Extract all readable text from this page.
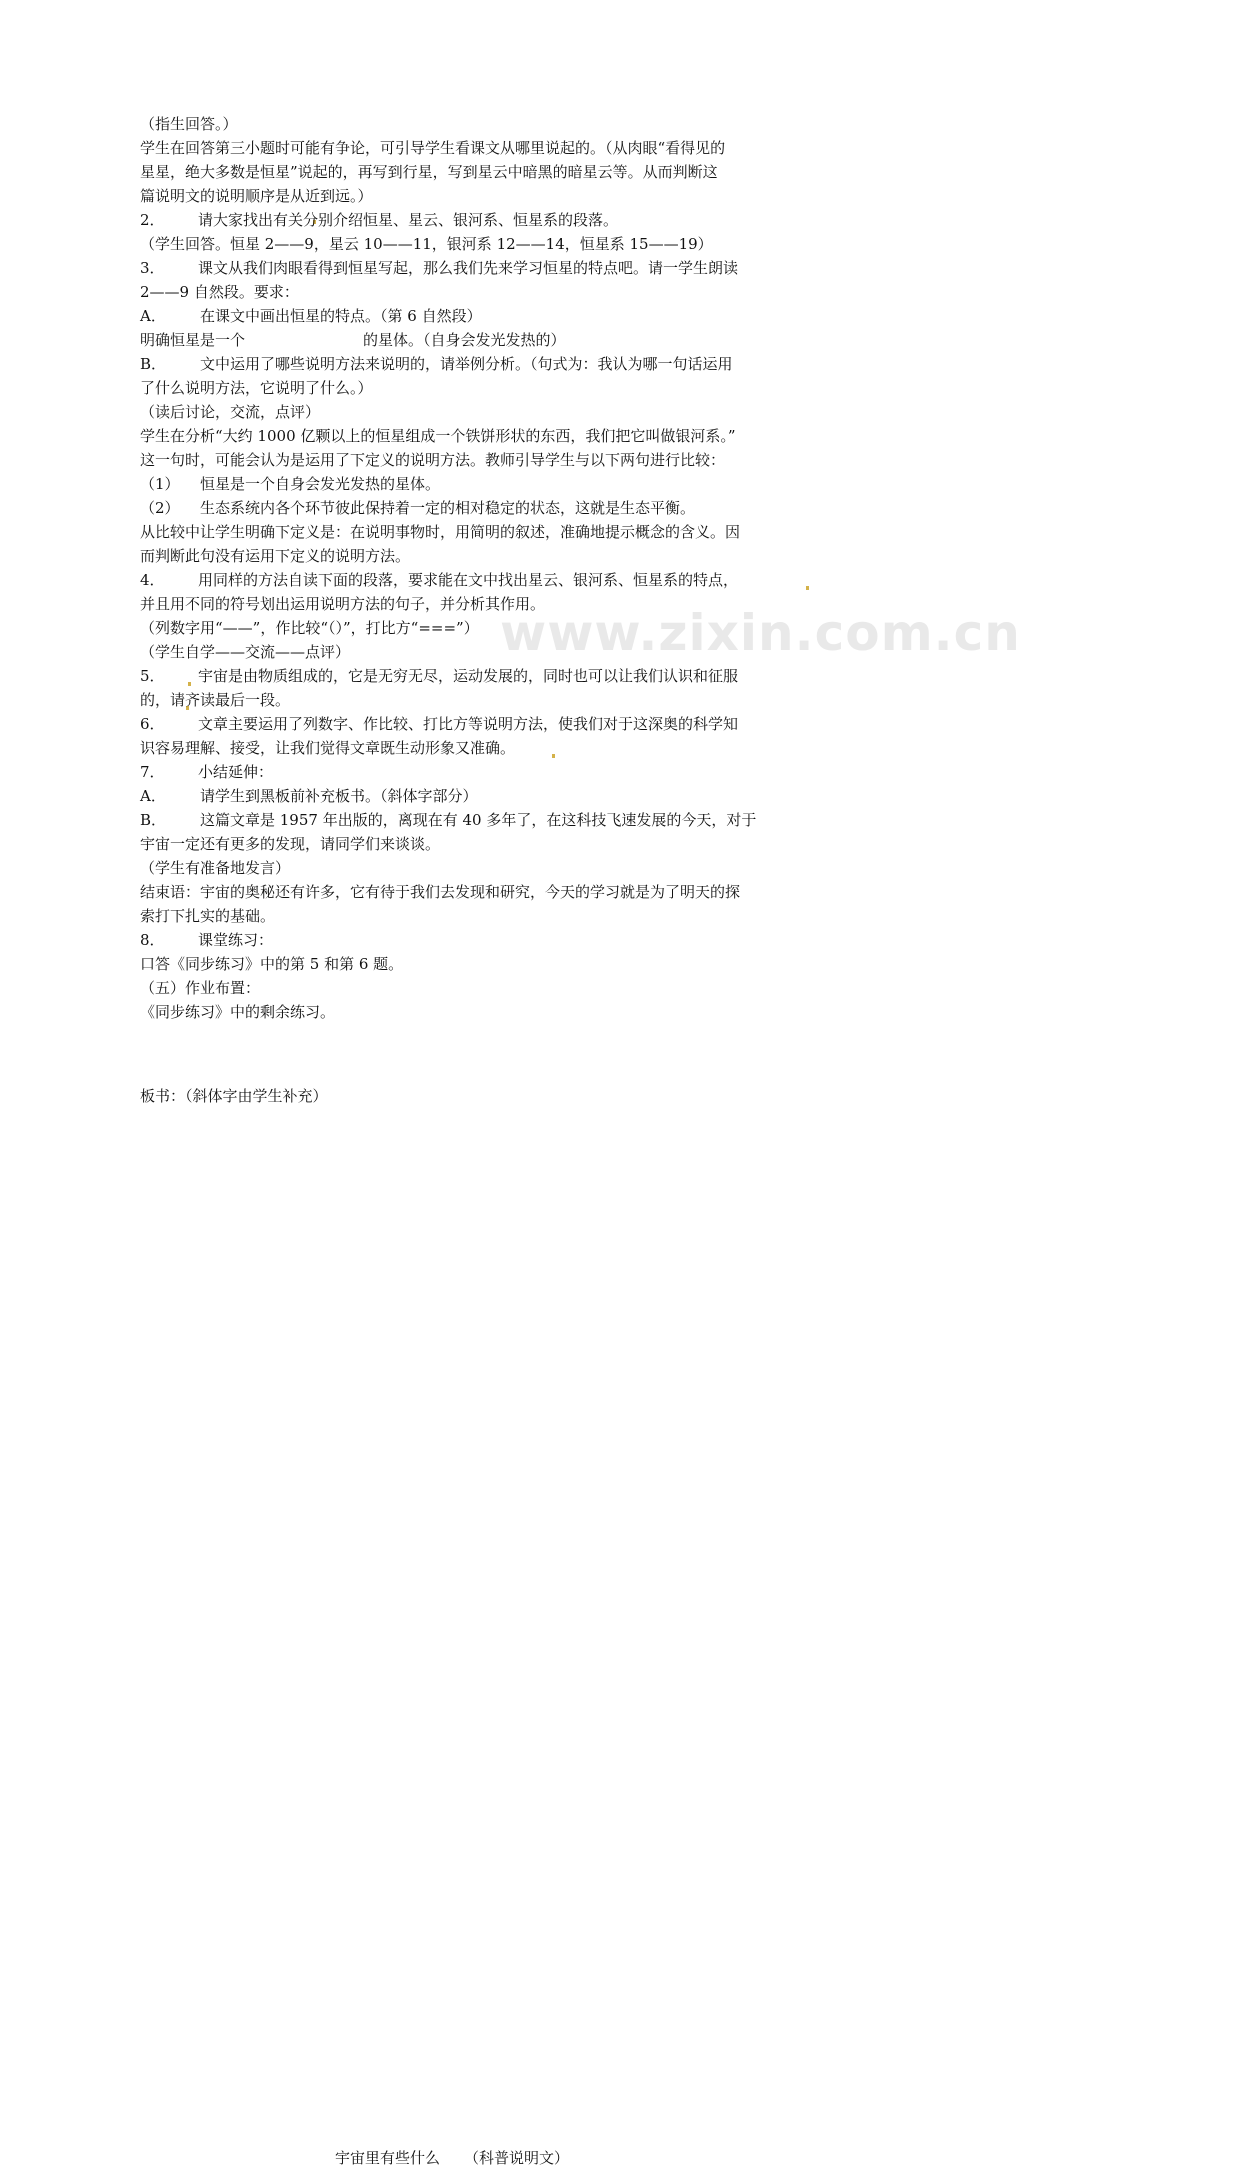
www.zixin.com.cn
（指生回答。）
学生在回答第三小题时可能有争论，可引导学生看课文从哪里说起的。（从肉眼“看得见的
星星，绝大多数是恒星”说起的，再写到行星，写到星云中暗黑的暗星云等。从而判断这
篇说明文的说明顺序是从近到远。）
2． 请大家找出有关分别介绍恒星、星云、银河系、恒星系的段落。
（学生回答。恒星 2——9，星云 10——11，银河系 12——14，恒星系 15——19）
3． 课文从我们肉眼看得到恒星写起，那么我们先来学习恒星的特点吧。请一学生朗读
2——9 自然段。要求：
A． 在课文中画出恒星的特点。（第 6 自然段）
明确恒星是一个	的星体。（自身会发光发热的）
B． 文中运用了哪些说明方法来说明的，请举例分析。（句式为：我认为哪一句话运用
了什么说明方法，它说明了什么。）
（读后讨论，交流，点评）
学生在分析“大约 1000 亿颗以上的恒星组成一个铁饼形状的东西，我们把它叫做银河系。”
这一句时，可能会认为是运用了下定义的说明方法。教师引导学生与以下两句进行比较：
（1） 恒星是一个自身会发光发热的星体。
（2） 生态系统内各个环节彼此保持着一定的相对稳定的状态，这就是生态平衡。
从比较中让学生明确下定义是：在说明事物时，用简明的叙述，准确地提示概念的含义。因
而判断此句没有运用下定义的说明方法。
4． 用同样的方法自读下面的段落，要求能在文中找出星云、银河系、恒星系的特点，
并且用不同的符号划出运用说明方法的句子，并分析其作用。
（列数字用“——”，作比较“（）”，打比方“===”）
（学生自学——交流——点评）
5． 宇宙是由物质组成的，它是无穷无尽，运动发展的，同时也可以让我们认识和征服
的，请齐读最后一段。
6． 文章主要运用了列数字、作比较、打比方等说明方法，使我们对于这深奥的科学知
识容易理解、接受，让我们觉得文章既生动形象又准确。
7． 小结延伸：
A． 请学生到黑板前补充板书。（斜体字部分）
B． 这篇文章是 1957 年出版的，离现在有 40 多年了，在这科技飞速发展的今天，对于
宇宙一定还有更多的发现，请同学们来谈谈。
（学生有准备地发言）
结束语：宇宙的奥秘还有许多，它有待于我们去发现和研究，今天的学习就是为了明天的探
索打下扎实的基础。
8． 课堂练习：
口答《同步练习》中的第 5 和第 6 题。
（五）作业布置：
《同步练习》中的剩余练习。
板书：（斜体字由学生补充）
宇宙里有些什么 （科普说明文）
